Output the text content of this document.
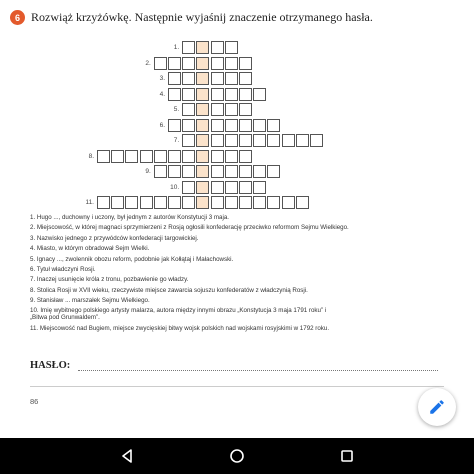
6 Rozwiąż krzyżówkę. Następnie wyjaśnij znaczenie otrzymanego hasła.
1.
2.
3.
4.
5.
6.
7.
8.
9.
10.
11.
1. Hugo ..., duchowny i uczony, był jednym z autorów Konstytucji 3 maja.
2. Miejscowość, w której magnaci sprzymierzeni z Rosją ogłosili konfederację przeciwko reformom Sejmu Wielkiego.
3. Nazwisko jednego z przywódców konfederacji targowickiej.
4. Miasto, w którym obradował Sejm Wielki.
5. Ignacy ..., zwolennik obozu reform, podobnie jak Kołłątaj i Małachowski.
6. Tytuł władczyni Rosji.
7. Inaczej usunięcie króla z tronu, pozbawienie go władzy.
8. Stolica Rosji w XVII wieku, rzeczywiste miejsce zawarcia sojuszu konfederatów z władczynią Rosji.
9. Stanisław ... marszałek Sejmu Wielkiego.
10. Imię wybitnego polskiego artysty malarza, autora między innymi obrazu „Konstytucja 3 maja 1791 roku” i „Bitwa pod Grunwaldem”.
11. Miejscowość nad Bugiem, miejsce zwycięskiej bitwy wojsk polskich nad wojskami rosyjskimi w 1792 roku.
HASŁO:
86
